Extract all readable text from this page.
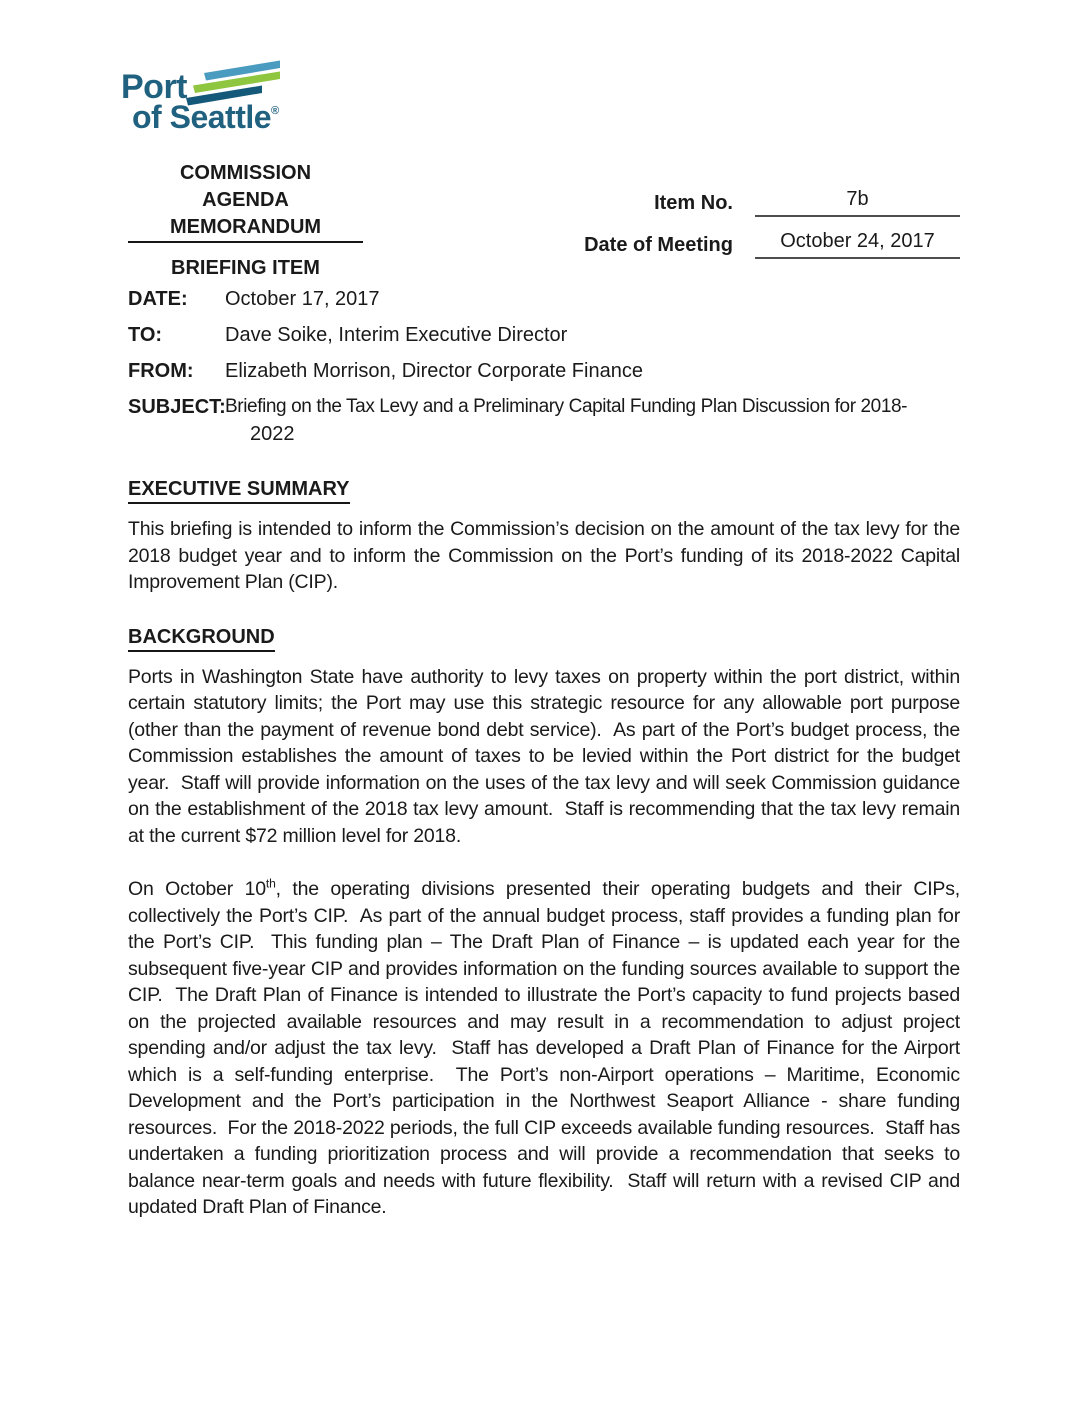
Port
of Seattle®
COMMISSION
AGENDA MEMORANDUM
BRIEFING ITEM
Item No.	7b
Date of Meeting	October 24, 2017
DATE:	October 17, 2017
TO:	Dave Soike, Interim Executive Director
FROM:	Elizabeth Morrison, Director Corporate Finance
SUBJECT: Briefing on the Tax Levy and a Preliminary Capital Funding Plan Discussion for 2018-
2022
EXECUTIVE SUMMARY

This briefing is intended to inform the Commission’s decision on the amount of the tax levy for the 2018 budget year and to inform the Commission on the Port’s funding of its 2018-2022 Capital Improvement Plan (CIP).

BACKGROUND

Ports in Washington State have authority to levy taxes on property within the port district, within certain statutory limits; the Port may use this strategic resource for any allowable port purpose (other than the payment of revenue bond debt service).  As part of the Port’s budget process, the Commission establishes the amount of taxes to be levied within the Port district for the budget year.  Staff will provide information on the uses of the tax levy and will seek Commission guidance on the establishment of the 2018 tax levy amount.  Staff is recommending that the tax levy remain at the current $72 million level for 2018.

On October 10th, the operating divisions presented their operating budgets and their CIPs, collectively the Port’s CIP.  As part of the annual budget process, staff provides a funding plan for the Port’s CIP.  This funding plan – The Draft Plan of Finance – is updated each year for the subsequent five-year CIP and provides information on the funding sources available to support the CIP.  The Draft Plan of Finance is intended to illustrate the Port’s capacity to fund projects based on the projected available resources and may result in a recommendation to adjust project spending and/or adjust the tax levy.  Staff has developed a Draft Plan of Finance for the Airport which is a self-funding enterprise.  The Port’s non-Airport operations – Maritime, Economic Development and the Port’s participation in the Northwest Seaport Alliance - share funding resources.  For the 2018-2022 periods, the full CIP exceeds available funding resources.  Staff has undertaken a funding prioritization process and will provide a recommendation that seeks to balance near-term goals and needs with future flexibility.  Staff will return with a revised CIP and updated Draft Plan of Finance.
